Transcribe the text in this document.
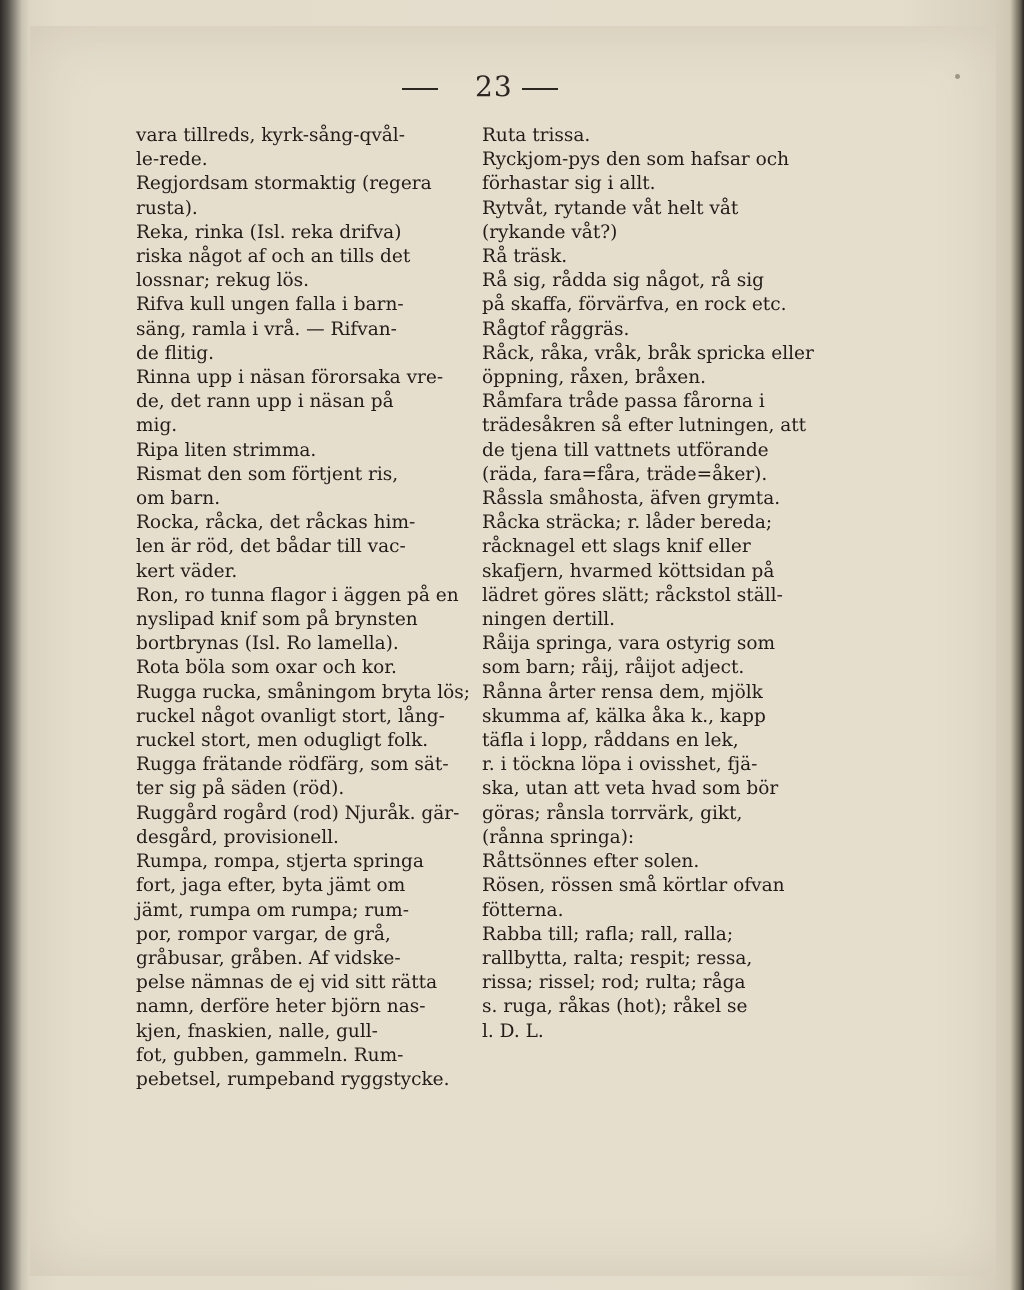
23
vara tillreds, kyrk-sång-qvål-
le-rede.
Regjordsam stormaktig (regera
rusta).
Reka, rinka (Isl. reka drifva)
riska något af och an tills det
lossnar; rekug lös.
Rifva kull ungen falla i barn-
säng, ramla i vrå. — Rifvan-
de flitig.
Rinna upp i näsan förorsaka vre-
de, det rann upp i näsan på
mig.
Ripa liten strimma.
Rismat den som förtjent ris,
om barn.
Rocka, råcka, det råckas him-
len är röd, det bådar till vac-
kert väder.
Ron, ro tunna flagor i äggen på en
nyslipad knif som på brynsten
bortbrynas (Isl. Ro lamella).
Rota böla som oxar och kor.
Rugga rucka, småningom bryta lös;
ruckel något ovanligt stort, lång-
ruckel stort, men odugligt folk.
Rugga frätande rödfärg, som sät-
ter sig på säden (röd).
Ruggård rogård (rod) Njuråk. gär-
desgård, provisionell.
Rumpa, rompa, stjerta springa
fort, jaga efter, byta jämt om
jämt, rumpa om rumpa; rum-
por, rompor vargar, de grå,
gråbusar, gråben. Af vidske-
pelse nämnas de ej vid sitt rätta
namn, derföre heter björn nas-
kjen, fnaskien, nalle, gull-
fot, gubben, gammeln. Rum-
pebetsel, rumpeband ryggstycke.
Ruta trissa.
Ryckjom-pys den som hafsar och
förhastar sig i allt.
Rytvåt, rytande våt helt våt
(rykande våt?)
Rå träsk.
Rå sig, rådda sig något, rå sig
på skaffa, förvärfva, en rock etc.
Rågtof råggräs.
Råck, råka, vråk, bråk spricka eller
öppning, råxen, bråxen.
Råmfara tråde passa fårorna i
trädesåkren så efter lutningen, att
de tjena till vattnets utförande
(räda, fara=fåra, träde=åker).
Råssla småhosta, äfven grymta.
Råcka sträcka; r. låder bereda;
råcknagel ett slags knif eller
skafjern, hvarmed köttsidan på
lädret göres slätt; råckstol ställ-
ningen dertill.
Råija springa, vara ostyrig som
som barn; råij, råijot adject.
Rånna årter rensa dem, mjölk
skumma af, kälka åka k., kapp
täfla i lopp, råddans en lek,
r. i töckna löpa i ovisshet, fjä-
ska, utan att veta hvad som bör
göras; rånsla torrvärk, gikt,
(rånna springa):
Råttsönnes efter solen.
Rösen, rössen små körtlar ofvan
fötterna.
Rabba till; rafla; rall, ralla;
rallbytta, ralta; respit; ressa,
rissa; rissel; rod; rulta; råga
s. ruga, råkas (hot); råkel se
l. D. L.
